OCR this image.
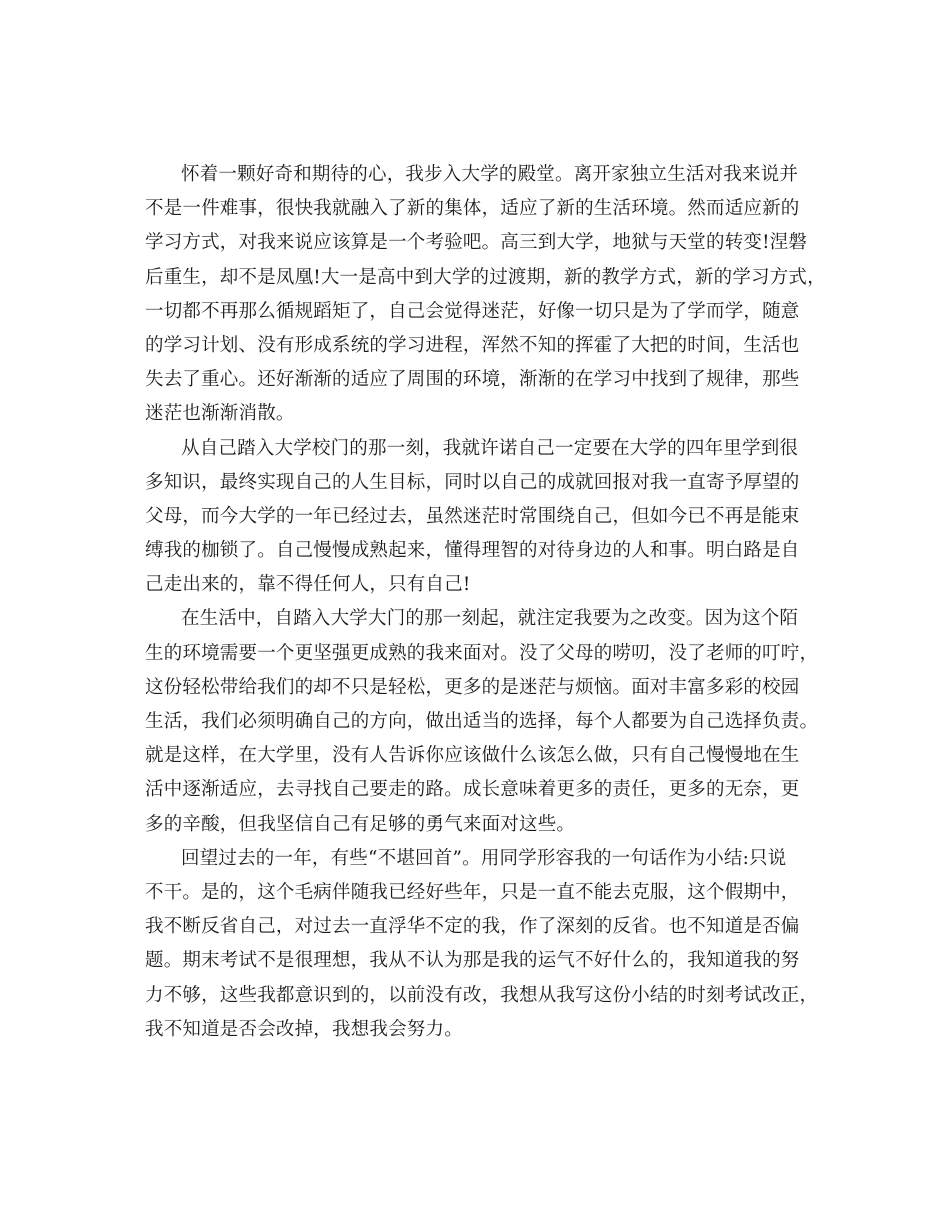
怀着一颗好奇和期待的心，我步入大学的殿堂。离开家独立生活对我来说并
不是一件难事，很快我就融入了新的集体，适应了新的生活环境。然而适应新的
学习方式，对我来说应该算是一个考验吧。高三到大学，地狱与天堂的转变!涅磐
后重生，却不是凤凰!大一是高中到大学的过渡期，新的教学方式，新的学习方式，
一切都不再那么循规蹈矩了，自己会觉得迷茫，好像一切只是为了学而学，随意
的学习计划、没有形成系统的学习进程，浑然不知的挥霍了大把的时间，生活也
失去了重心。还好渐渐的适应了周围的环境，渐渐的在学习中找到了规律，那些
迷茫也渐渐消散。
从自己踏入大学校门的那一刻，我就许诺自己一定要在大学的四年里学到很
多知识，最终实现自己的人生目标，同时以自己的成就回报对我一直寄予厚望的
父母，而今大学的一年已经过去，虽然迷茫时常围绕自己，但如今已不再是能束
缚我的枷锁了。自己慢慢成熟起来，懂得理智的对待身边的人和事。明白路是自
己走出来的，靠不得任何人，只有自己!
在生活中，自踏入大学大门的那一刻起，就注定我要为之改变。因为这个陌
生的环境需要一个更坚强更成熟的我来面对。没了父母的唠叨，没了老师的叮咛，
这份轻松带给我们的却不只是轻松，更多的是迷茫与烦恼。面对丰富多彩的校园
生活，我们必须明确自己的方向，做出适当的选择，每个人都要为自己选择负责。
就是这样，在大学里，没有人告诉你应该做什么该怎么做，只有自己慢慢地在生
活中逐渐适应，去寻找自己要走的路。成长意味着更多的责任，更多的无奈，更
多的辛酸，但我坚信自己有足够的勇气来面对这些。
回望过去的一年，有些“不堪回首”。用同学形容我的一句话作为小结:只说
不干。是的，这个毛病伴随我已经好些年，只是一直不能去克服，这个假期中，
我不断反省自己，对过去一直浮华不定的我，作了深刻的反省。也不知道是否偏
题。期末考试不是很理想，我从不认为那是我的运气不好什么的，我知道我的努
力不够，这些我都意识到的，以前没有改，我想从我写这份小结的时刻考试改正，
我不知道是否会改掉，我想我会努力。
